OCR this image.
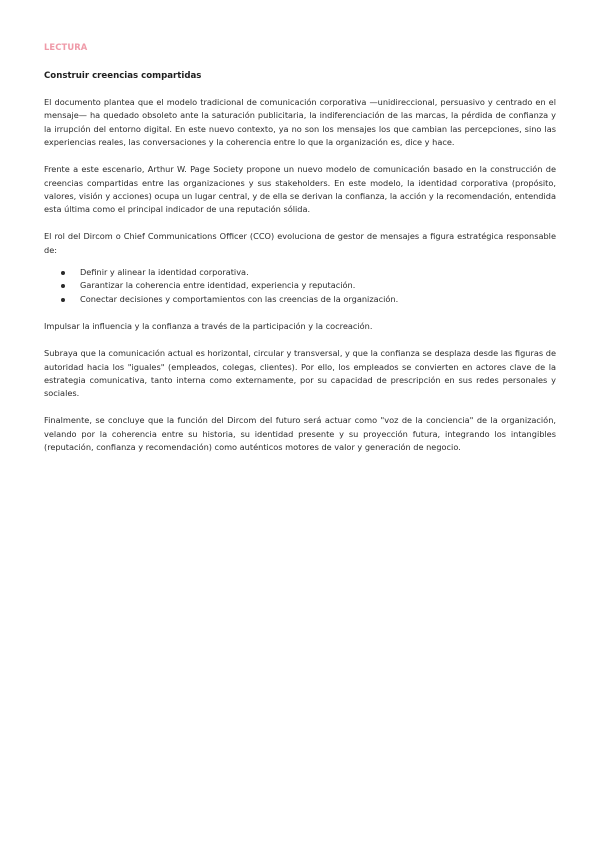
LECTURA
Construir creencias compartidas

El documento plantea que el modelo tradicional de comunicación corporativa —unidireccional, persuasivo y centrado en el mensaje— ha quedado obsoleto ante la saturación publicitaria, la indiferenciación de las marcas, la pérdida de confianza y la irrupción del entorno digital. En este nuevo contexto, ya no son los mensajes los que cambian las percepciones, sino las experiencias reales, las conversaciones y la coherencia entre lo que la organización es, dice y hace.

Frente a este escenario, Arthur W. Page Society propone un nuevo modelo de comunicación basado en la construcción de creencias compartidas entre las organizaciones y sus stakeholders. En este modelo, la identidad corporativa (propósito, valores, visión y acciones) ocupa un lugar central, y de ella se derivan la confianza, la acción y la recomendación, entendida esta última como el principal indicador de una reputación sólida.

El rol del Dircom o Chief Communications Officer (CCO) evoluciona de gestor de mensajes a figura estratégica responsable de:

Definir y alinear la identidad corporativa.
Garantizar la coherencia entre identidad, experiencia y reputación.
Conectar decisiones y comportamientos con las creencias de la organización.

Impulsar la influencia y la confianza a través de la participación y la cocreación.

Subraya que la comunicación actual es horizontal, circular y transversal, y que la confianza se desplaza desde las figuras de autoridad hacia los "iguales" (empleados, colegas, clientes). Por ello, los empleados se convierten en actores clave de la estrategia comunicativa, tanto interna como externamente, por su capacidad de prescripción en sus redes personales y sociales.

Finalmente, se concluye que la función del Dircom del futuro será actuar como "voz de la conciencia" de la organización, velando por la coherencia entre su historia, su identidad presente y su proyección futura, integrando los intangibles (reputación, confianza y recomendación) como auténticos motores de valor y generación de negocio.
